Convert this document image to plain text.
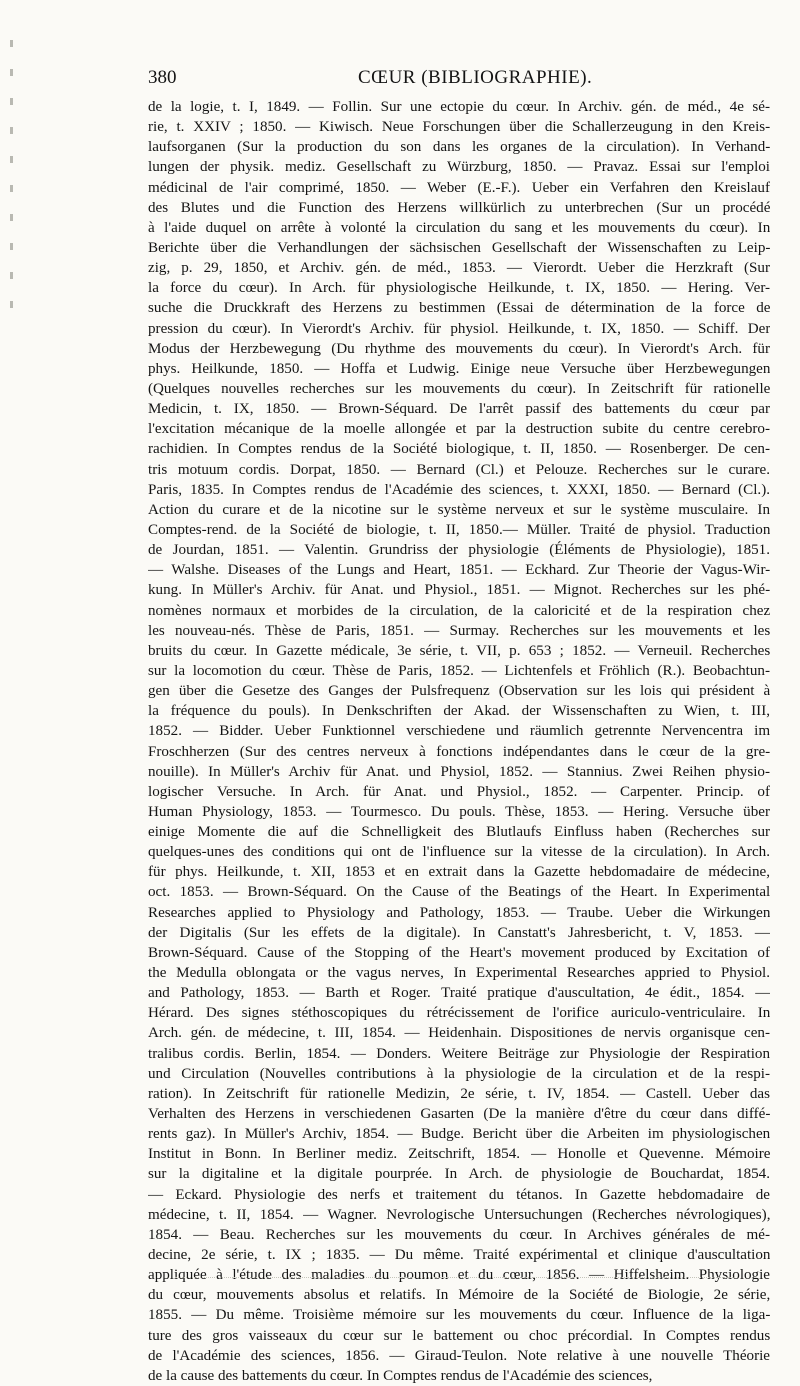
380	CŒUR (BIBLIOGRAPHIE).
de la logie, t. I, 1849. — Follin. Sur une ectopie du cœur. In Archiv. gén. de méd., 4e sé-
rie, t. XXIV ; 1850. — Kiwisch. Neue Forschungen über die Schallerzeugung in den Kreis-
laufsorganen (Sur la production du son dans les organes de la circulation). In Verhand-
lungen der physik. mediz. Gesellschaft zu Würzburg, 1850. — Pravaz. Essai sur l'emploi
médicinal de l'air comprimé, 1850. — Weber (E.-F.). Ueber ein Verfahren den Kreislauf
des Blutes und die Function des Herzens willkürlich zu unterbrechen (Sur un procédé
à l'aide duquel on arrête à volonté la circulation du sang et les mouvements du cœur). In
Berichte über die Verhandlungen der sächsischen Gesellschaft der Wissenschaften zu Leip-
zig, p. 29, 1850, et Archiv. gén. de méd., 1853. — Vierordt. Ueber die Herzkraft (Sur
la force du cœur). In Arch. für physiologische Heilkunde, t. IX, 1850. — Hering. Ver-
suche die Druckkraft des Herzens zu bestimmen (Essai de détermination de la force de
pression du cœur). In Vierordt's Archiv. für physiol. Heilkunde, t. IX, 1850. — Schiff. Der
Modus der Herzbewegung (Du rhythme des mouvements du cœur). In Vierordt's Arch. für
phys. Heilkunde, 1850. — Hoffa et Ludwig. Einige neue Versuche über Herzbewegungen
(Quelques nouvelles recherches sur les mouvements du cœur). In Zeitschrift für rationelle
Medicin, t. IX, 1850. — Brown-Séquard. De l'arrêt passif des battements du cœur par
l'excitation mécanique de la moelle allongée et par la destruction subite du centre cerebro-
rachidien. In Comptes rendus de la Société biologique, t. II, 1850. — Rosenberger. De cen-
tris motuum cordis. Dorpat, 1850. — Bernard (Cl.) et Pelouze. Recherches sur le curare.
Paris, 1835. In Comptes rendus de l'Académie des sciences, t. XXXI, 1850. — Bernard (Cl.).
Action du curare et de la nicotine sur le système nerveux et sur le système musculaire. In
Comptes-rend. de la Société de biologie, t. II, 1850.— Müller. Traité de physiol. Traduction
de Jourdan, 1851. — Valentin. Grundriss der physiologie (Éléments de Physiologie), 1851.
— Walshe. Diseases of the Lungs and Heart, 1851. — Eckhard. Zur Theorie der Vagus-Wir-
kung. In Müller's Archiv. für Anat. und Physiol., 1851. — Mignot. Recherches sur les phé-
nomènes normaux et morbides de la circulation, de la caloricité et de la respiration chez
les nouveau-nés. Thèse de Paris, 1851. — Surmay. Recherches sur les mouvements et les
bruits du cœur. In Gazette médicale, 3e série, t. VII, p. 653 ; 1852. — Verneuil. Recherches
sur la locomotion du cœur. Thèse de Paris, 1852. — Lichtenfels et Fröhlich (R.). Beobachtun-
gen über die Gesetze des Ganges der Pulsfrequenz (Observation sur les lois qui président à
la fréquence du pouls). In Denkschriften der Akad. der Wissenschaften zu Wien, t. III,
1852. — Bidder. Ueber Funktionnel verschiedene und räumlich getrennte Nervencentra im
Froschherzen (Sur des centres nerveux à fonctions indépendantes dans le cœur de la gre-
nouille). In Müller's Archiv für Anat. und Physiol, 1852. — Stannius. Zwei Reihen physio-
logischer Versuche. In Arch. für Anat. und Physiol., 1852. — Carpenter. Princip. of
Human Physiology, 1853. — Tourmesco. Du pouls. Thèse, 1853. — Hering. Versuche über
einige Momente die auf die Schnelligkeit des Blutlaufs Einfluss haben (Recherches sur
quelques-unes des conditions qui ont de l'influence sur la vitesse de la circulation). In Arch.
für phys. Heilkunde, t. XII, 1853 et en extrait dans la Gazette hebdomadaire de médecine,
oct. 1853. — Brown-Séquard. On the Cause of the Beatings of the Heart. In Experimental
Researches applied to Physiology and Pathology, 1853. — Traube. Ueber die Wirkungen
der Digitalis (Sur les effets de la digitale). In Canstatt's Jahresbericht, t. V, 1853. —
Brown-Séquard. Cause of the Stopping of the Heart's movement produced by Excitation of
the Medulla oblongata or the vagus nerves, In Experimental Researches appried to Physiol.
and Pathology, 1853. — Barth et Roger. Traité pratique d'auscultation, 4e édit., 1854. —
Hérard. Des signes stéthoscopiques du rétrécissement de l'orifice auriculo-ventriculaire. In
Arch. gén. de médecine, t. III, 1854. — Heidenhain. Dispositiones de nervis organisque cen-
tralibus cordis. Berlin, 1854. — Donders. Weitere Beiträge zur Physiologie der Respiration
und Circulation (Nouvelles contributions à la physiologie de la circulation et de la respi-
ration). In Zeitschrift für rationelle Medizin, 2e série, t. IV, 1854. — Castell. Ueber das
Verhalten des Herzens in verschiedenen Gasarten (De la manière d'être du cœur dans diffé-
rents gaz). In Müller's Archiv, 1854. — Budge. Bericht über die Arbeiten im physiologischen
Institut in Bonn. In Berliner mediz. Zeitschrift, 1854. — Honolle et Quevenne. Mémoire
sur la digitaline et la digitale pourprée. In Arch. de physiologie de Bouchardat, 1854.
— Eckard. Physiologie des nerfs et traitement du tétanos. In Gazette hebdomadaire de
médecine, t. II, 1854. — Wagner. Nevrologische Untersuchungen (Recherches névrologiques),
1854. — Beau. Recherches sur les mouvements du cœur. In Archives générales de mé-
decine, 2e série, t. IX ; 1835. — Du même. Traité expérimental et clinique d'auscultation
appliquée à l'étude des maladies du poumon et du cœur, 1856. — Hiffelsheim. Physiologie
du cœur, mouvements absolus et relatifs. In Mémoire de la Société de Biologie, 2e série,
1855. — Du même. Troisième mémoire sur les mouvements du cœur. Influence de la liga-
ture des gros vaisseaux du cœur sur le battement ou choc précordial. In Comptes rendus
de l'Académie des sciences, 1856. — Giraud-Teulon. Note relative à une nouvelle Théorie
de la cause des battements du cœur. In Comptes rendus de l'Académie des sciences,
